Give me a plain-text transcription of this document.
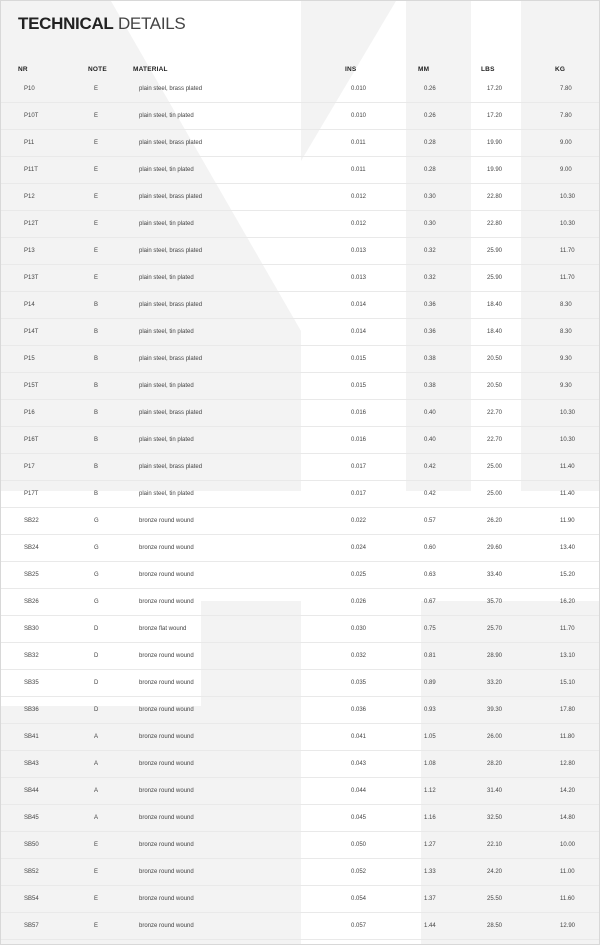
TECHNICAL DETAILS
NR	NOTE	MATERIAL	INS	MM	LBS	KG
P10	E	plain steel, brass plated	0.010	0.26	17.20	7.80
P10T	E	plain steel, tin plated	0.010	0.26	17.20	7.80
P11	E	plain steel, brass plated	0.011	0.28	19.90	9.00
P11T	E	plain steel, tin plated	0.011	0.28	19.90	9.00
P12	E	plain steel, brass plated	0.012	0.30	22.80	10.30
P12T	E	plain steel, tin plated	0.012	0.30	22.80	10.30
P13	E	plain steel, brass plated	0.013	0.32	25.90	11.70
P13T	E	plain steel, tin plated	0.013	0.32	25.90	11.70
P14	B	plain steel, brass plated	0.014	0.36	18.40	8.30
P14T	B	plain steel, tin plated	0.014	0.36	18.40	8.30
P15	B	plain steel, brass plated	0.015	0.38	20.50	9.30
P15T	B	plain steel, tin plated	0.015	0.38	20.50	9.30
P16	B	plain steel, brass plated	0.016	0.40	22.70	10.30
P16T	B	plain steel, tin plated	0.016	0.40	22.70	10.30
P17	B	plain steel, brass plated	0.017	0.42	25.00	11.40
P17T	B	plain steel, tin plated	0.017	0.42	25.00	11.40
SB22	G	bronze round wound	0.022	0.57	26.20	11.90
SB24	G	bronze round wound	0.024	0.60	29.60	13.40
SB25	G	bronze round wound	0.025	0.63	33.40	15.20
SB26	G	bronze round wound	0.026	0.67	35.70	16.20
SB30	D	bronze flat wound	0.030	0.75	25.70	11.70
SB32	D	bronze round wound	0.032	0.81	28.90	13.10
SB35	D	bronze round wound	0.035	0.89	33.20	15.10
SB36	D	bronze round wound	0.036	0.93	39.30	17.80
SB41	A	bronze round wound	0.041	1.05	26.00	11.80
SB43	A	bronze round wound	0.043	1.08	28.20	12.80
SB44	A	bronze round wound	0.044	1.12	31.40	14.20
SB45	A	bronze round wound	0.045	1.16	32.50	14.80
SB50	E	bronze round wound	0.050	1.27	22.10	10.00
SB52	E	bronze round wound	0.052	1.33	24.20	11.00
SB54	E	bronze round wound	0.054	1.37	25.50	11.60
SB57	E	bronze round wound	0.057	1.44	28.50	12.90
